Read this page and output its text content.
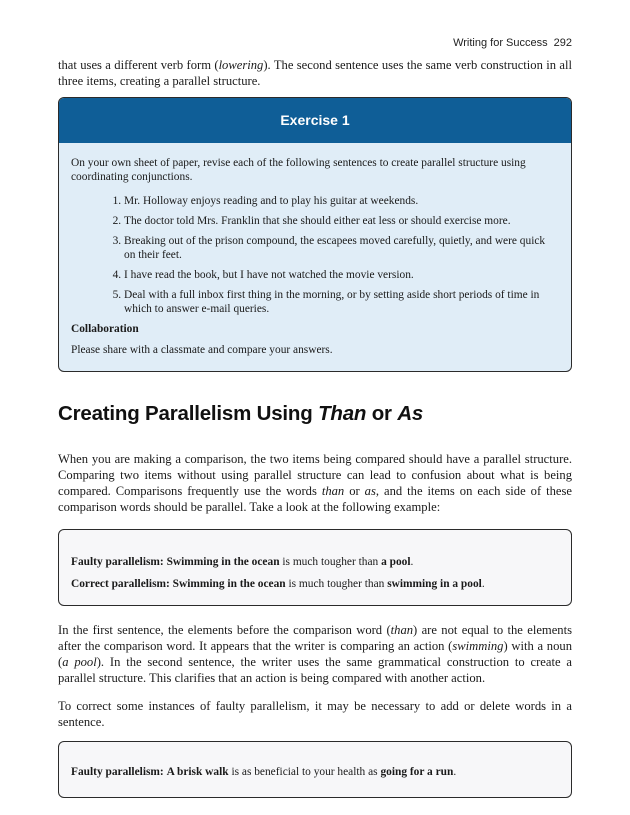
Writing for Success 292

that uses a different verb form (lowering). The second sentence uses the same verb construction in all three items, creating a parallel structure.

Exercise 1

On your own sheet of paper, revise each of the following sentences to create parallel structure using coordinating conjunctions.

1. Mr. Holloway enjoys reading and to play his guitar at weekends.
2. The doctor told Mrs. Franklin that she should either eat less or should exercise more.
3. Breaking out of the prison compound, the escapees moved carefully, quietly, and were quick on their feet.
4. I have read the book, but I have not watched the movie version.
5. Deal with a full inbox first thing in the morning, or by setting aside short periods of time in which to answer e-mail queries.

Collaboration

Please share with a classmate and compare your answers.

Creating Parallelism Using Than or As

When you are making a comparison, the two items being compared should have a parallel structure. Comparing two items without using parallel structure can lead to confusion about what is being compared. Comparisons frequently use the words than or as, and the items on each side of these comparison words should be parallel. Take a look at the following example:

Faulty parallelism: Swimming in the ocean is much tougher than a pool.

Correct parallelism: Swimming in the ocean is much tougher than swimming in a pool.

In the first sentence, the elements before the comparison word (than) are not equal to the elements after the comparison word. It appears that the writer is comparing an action (swimming) with a noun (a pool). In the second sentence, the writer uses the same grammatical construction to create a parallel structure. This clarifies that an action is being compared with another action.

To correct some instances of faulty parallelism, it may be necessary to add or delete words in a sentence.

Faulty parallelism: A brisk walk is as beneficial to your health as going for a run.
